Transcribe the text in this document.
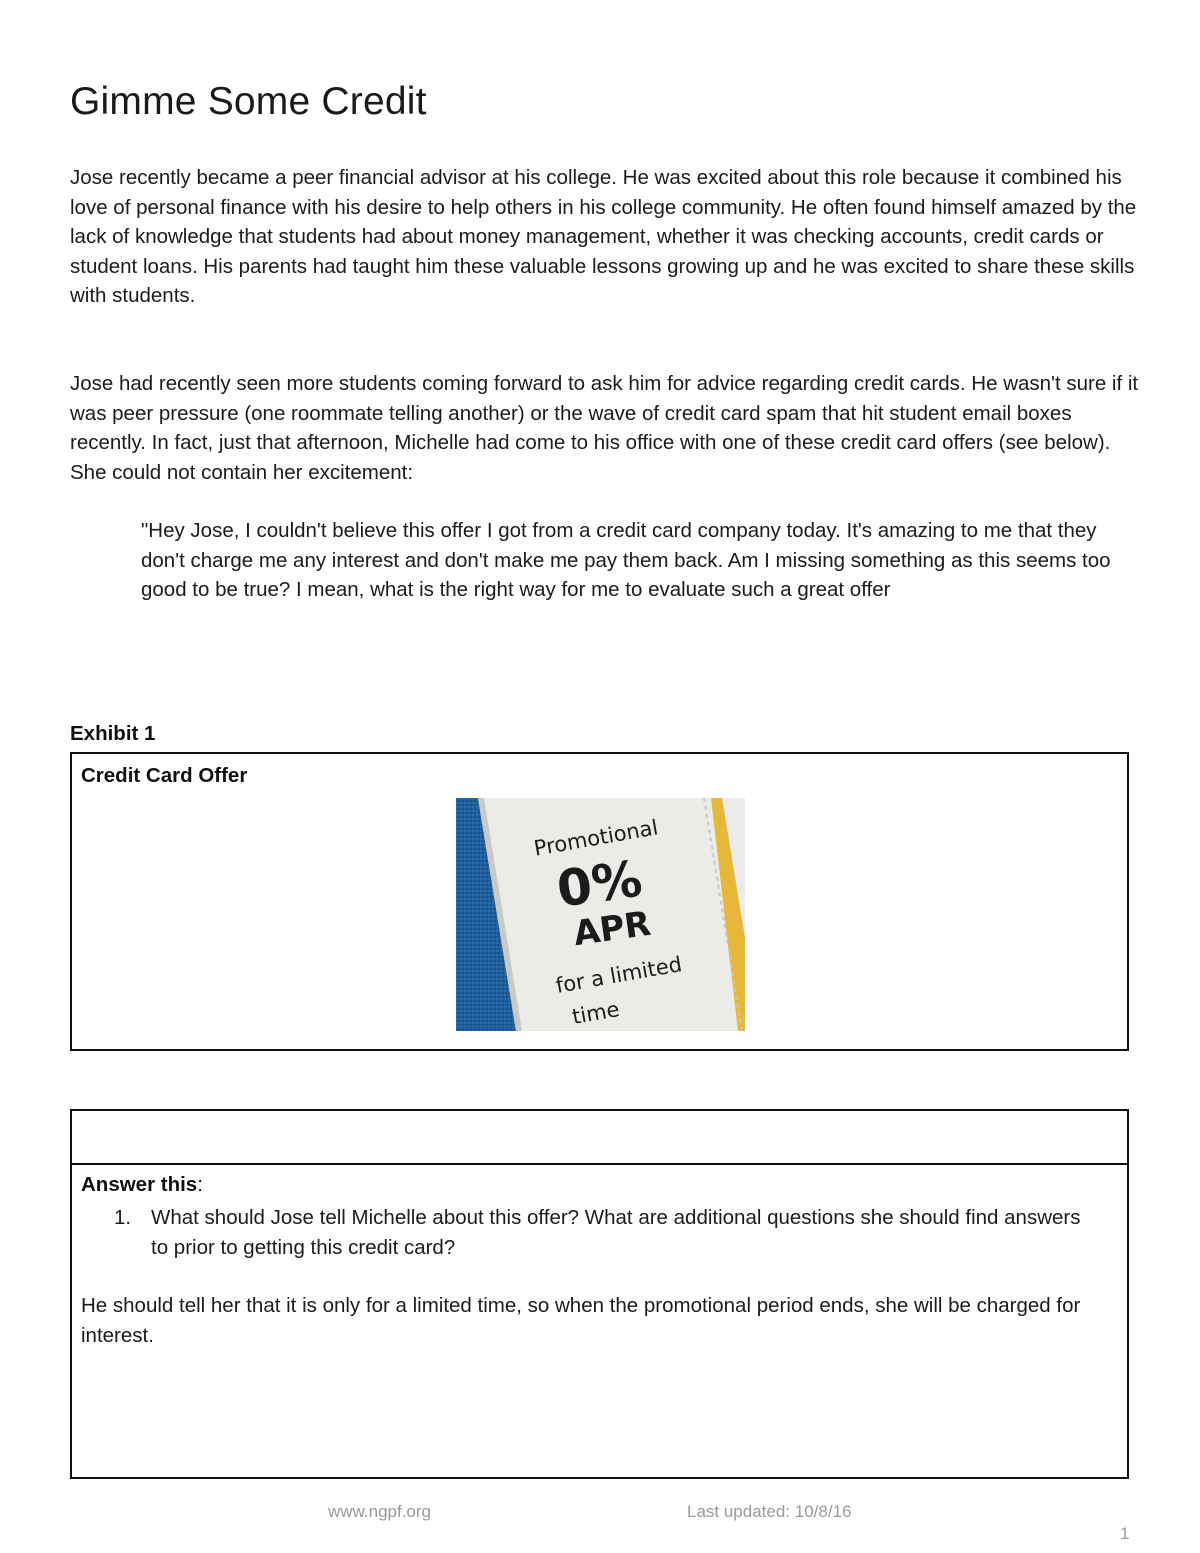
Gimme Some Credit

Jose recently became a peer financial advisor at his college. He was excited about this role because it combined his love of personal finance with his desire to help others in his college community. He often found himself amazed by the lack of knowledge that students had about money management, whether it was checking accounts, credit cards or student loans. His parents had taught him these valuable lessons growing up and he was excited to share these skills with students.

Jose had recently seen more students coming forward to ask him for advice regarding credit cards. He wasn't sure if it was peer pressure (one roommate telling another) or the wave of credit card spam that hit student email boxes recently. In fact, just that afternoon, Michelle had come to his office with one of these credit card offers (see below). She could not contain her excitement:

"Hey Jose, I couldn't believe this offer I got from a credit card company today. It's amazing to me that they don't charge me any interest and don't make me pay them back. Am I missing something as this seems too good to be true? I mean, what is the right way for me to evaluate such a great offer

Exhibit 1
Credit Card Offer
Promotional
0%
APR
for a limited
time
Answer this:
1. What should Jose tell Michelle about this offer? What are additional questions she should find answers to prior to getting this credit card?

He should tell her that it is only for a limited time, so when the promotional period ends, she will be charged for interest.

www.ngpf.org	Last updated: 10/8/16
1
